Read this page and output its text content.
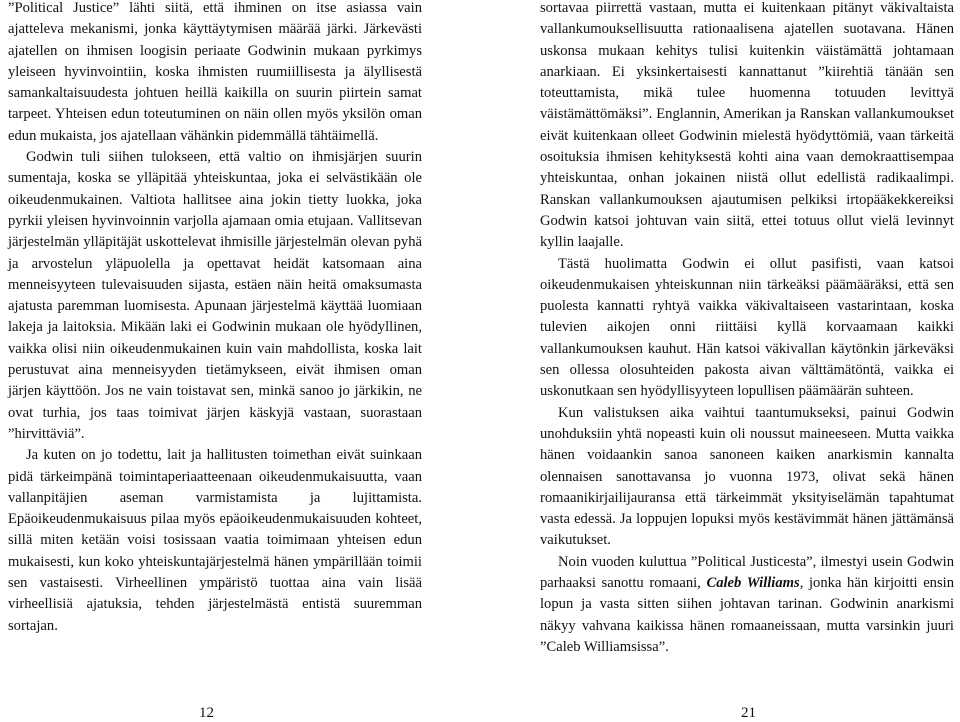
”Political Justice” lähti siitä, että ihminen on itse asiassa vain ajatteleva mekanismi, jonka käyttäytymisen määrää järki. Järkevästi ajatellen on ihmisen loogisin periaate Godwinin mukaan pyrkimys yleiseen hyvinvointiin, koska ihmisten ruumiillisesta ja älyllisestä samankaltaisuudesta johtuen heillä kaikilla on suurin piirtein samat tarpeet. Yhteisen edun toteutuminen on näin ollen myös yksilön oman edun mukaista, jos ajatellaan vähänkin pidemmällä tähtäimellä.

Godwin tuli siihen tulokseen, että valtio on ihmisjärjen suurin sumentaja, koska se ylläpitää yhteiskuntaa, joka ei selvästikään ole oikeudenmukainen. Valtiota hallitsee aina jokin tietty luokka, joka pyrkii yleisen hyvinvoinnin varjolla ajamaan omia etujaan. Vallitsevan järjestelmän ylläpitäjät uskottelevat ihmisille järjestelmän olevan pyhä ja arvostelun yläpuolella ja opettavat heidät katsomaan aina menneisyyteen tulevaisuuden sijasta, estäen näin heitä omaksumasta ajatusta paremman luomisesta. Apunaan järjestelmä käyttää luomiaan lakeja ja laitoksia. Mikään laki ei Godwinin mukaan ole hyödyllinen, vaikka olisi niin oikeudenmukainen kuin vain mahdollista, koska lait perustuvat aina menneisyyden tietämykseen, eivät ihmisen oman järjen käyttöön. Jos ne vain toistavat sen, minkä sanoo jo järkikin, ne ovat turhia, jos taas toimivat järjen käskyjä vastaan, suorastaan ”hirvittäviä”.

Ja kuten on jo todettu, lait ja hallitusten toimethan eivät suinkaan pidä tärkeimpänä toimintaperiaatteenaan oikeudenmukaisuutta, vaan vallanpitäjien aseman varmistamista ja lujittamista. Epäoikeudenmukaisuus pilaa myös epäoikeudenmukaisuuden kohteet, sillä miten ketään voisi tosissaan vaatia toimimaan yhteisen edun mukaisesti, kun koko yhteiskuntajärjestelmä hänen ympärillään toimii sen vastaisesti. Virheellinen ympäristö tuottaa aina vain lisää virheellisiä ajatuksia, tehden järjestelmästä entistä suuremman sortajan.

sortavaa piirrettä vastaan, mutta ei kuitenkaan pitänyt väkivaltaista vallankumouksellisuutta rationaalisena ajatellen suotavana. Hänen uskonsa mukaan kehitys tulisi kuitenkin väistämättä johtamaan anarkiaan. Ei yksinkertaisesti kannattanut ”kiirehtiä tänään sen toteuttamista, mikä tulee huomenna totuuden levittyä väistämättömäksi”. Englannin, Amerikan ja Ranskan vallankumoukset eivät kuitenkaan olleet Godwinin mielestä hyödyttömiä, vaan tärkeitä osoituksia ihmisen kehityksestä kohti aina vaan demokraattisempaa yhteiskuntaa, onhan jokainen niistä ollut edellistä radikaalimpi. Ranskan vallankumouksen ajautumisen pelkiksi irtopääkekkereiksi Godwin katsoi johtuvan vain siitä, ettei totuus ollut vielä levinnyt kyllin laajalle.

Tästä huolimatta Godwin ei ollut pasifisti, vaan katsoi oikeudenmukaisen yhteiskunnan niin tärkeäksi päämääräksi, että sen puolesta kannatti ryhtyä vaikka väkivaltaiseen vastarintaan, koska tulevien aikojen onni riittäisi kyllä korvaamaan kaikki vallankumouksen kauhut. Hän katsoi väkivallan käytönkin järkeväksi sen ollessa olosuhteiden pakosta aivan välttämätöntä, vaikka ei uskonutkaan sen hyödyllisyyteen lopullisen päämäärän suhteen.

Kun valistuksen aika vaihtui taantumukseksi, painui Godwin unohduksiin yhtä nopeasti kuin oli noussut maineeseen. Mutta vaikka hänen voidaankin sanoa sanoneen kaiken anarkismin kannalta olennaisen sanottavansa jo vuonna 1973, olivat sekä hänen romaanikirjailijauransa että tärkeimmät yksityiselämän tapahtumat vasta edessä. Ja loppujen lopuksi myös kestävimmät hänen jättämänsä vaikutukset.

Noin vuoden kuluttua ”Political Justicesta”, ilmestyi usein Godwin parhaaksi sanottu romaani, Caleb Williams, jonka hän kirjoitti ensin lopun ja vasta sitten siihen johtavan tarinan. Godwinin anarkismi näkyy vahvana kaikissa hänen romaaneissaan, mutta varsinkin juuri ”Caleb Williamsissa”.

12	21
